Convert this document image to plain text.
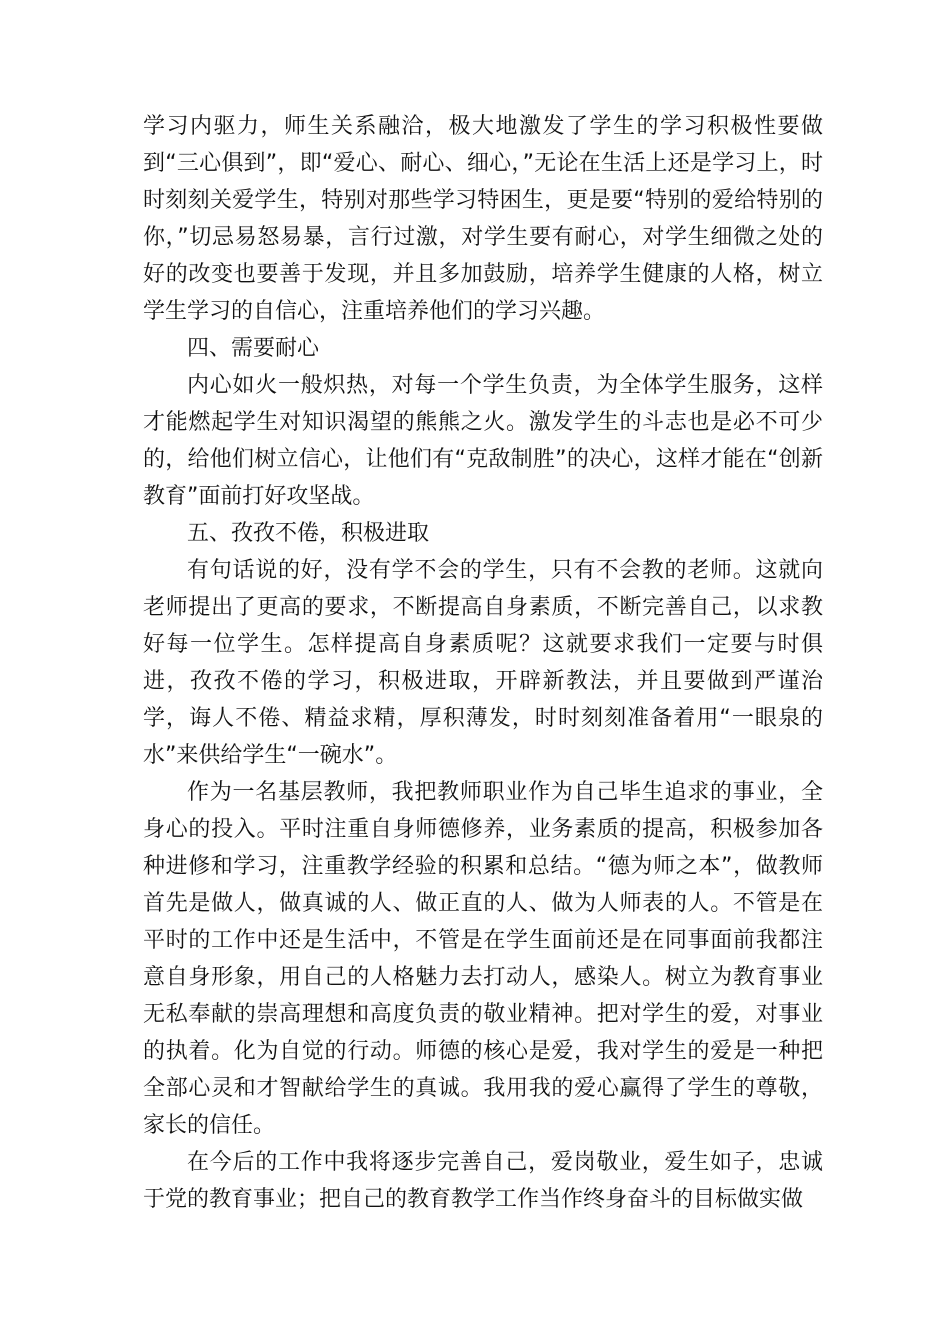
学习内驱力，师生关系融洽，极大地激发了学生的学习积极性要做到“三心俱到”，即“爱心、耐心、细心，”无论在生活上还是学习上，时时刻刻关爱学生，特别对那些学习特困生，更是要“特别的爱给特别的你，”切忌易怒易暴，言行过激，对学生要有耐心，对学生细微之处的好的改变也要善于发现，并且多加鼓励，培养学生健康的人格，树立学生学习的自信心，注重培养他们的学习兴趣。

四、需要耐心

内心如火一般炽热，对每一个学生负责，为全体学生服务，这样才能燃起学生对知识渴望的熊熊之火。激发学生的斗志也是必不可少的，给他们树立信心，让他们有“克敌制胜”的决心，这样才能在“创新教育”面前打好攻坚战。

五、孜孜不倦，积极进取

有句话说的好，没有学不会的学生，只有不会教的老师。这就向老师提出了更高的要求，不断提高自身素质，不断完善自己，以求教好每一位学生。怎样提高自身素质呢？这就要求我们一定要与时俱进，孜孜不倦的学习，积极进取，开辟新教法，并且要做到严谨治学，诲人不倦、精益求精，厚积薄发，时时刻刻准备着用“一眼泉的水”来供给学生“一碗水”。

作为一名基层教师，我把教师职业作为自己毕生追求的事业，全身心的投入。平时注重自身师德修养，业务素质的提高，积极参加各种进修和学习，注重教学经验的积累和总结。“德为师之本”，做教师首先是做人，做真诚的人、做正直的人、做为人师表的人。不管是在平时的工作中还是生活中，不管是在学生面前还是在同事面前我都注意自身形象，用自己的人格魅力去打动人，感染人。树立为教育事业无私奉献的崇高理想和高度负责的敬业精神。把对学生的爱，对事业的执着。化为自觉的行动。师德的核心是爱，我对学生的爱是一种把全部心灵和才智献给学生的真诚。我用我的爱心赢得了学生的尊敬，家长的信任。

在今后的工作中我将逐步完善自己，爱岗敬业，爱生如子，忠诚于党的教育事业；把自己的教育教学工作当作终身奋斗的目标做实做
